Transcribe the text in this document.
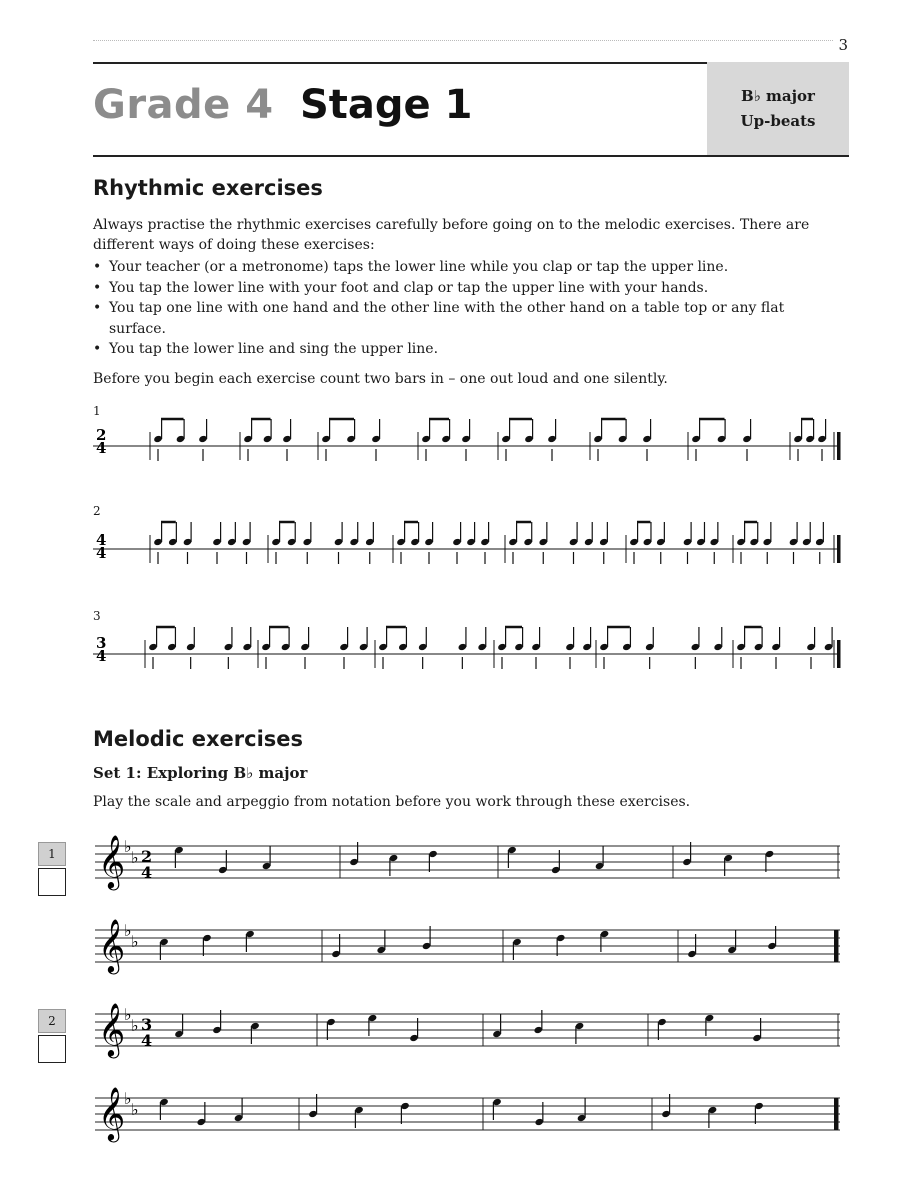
3
Grade 4 Stage 1	B♭ major
Up-beats
Rhythmic exercises
Always practise the rhythmic exercises carefully before going on to the melodic exercises. There are different ways of doing these exercises:
• Your teacher (or a metronome) taps the lower line while you clap or tap the upper line.
• You tap the lower line with your foot and clap or tap the upper line with your hands.
• You tap one line with one hand and the other line with the other hand on a table top or any flat surface.
• You tap the lower line and sing the upper line.
Before you begin each exercise count two bars in – one out loud and one silently.
1
2
3
Melodic exercises
Set 1: Exploring B♭ major
Play the scale and arpeggio from notation before you work through these exercises.
1
2
𝄞
♭
♭
𝄞
♭
♭
𝄞
♭
♭
𝄞
♭
♭
2
4
4
4
3
4
2
4
3
4
